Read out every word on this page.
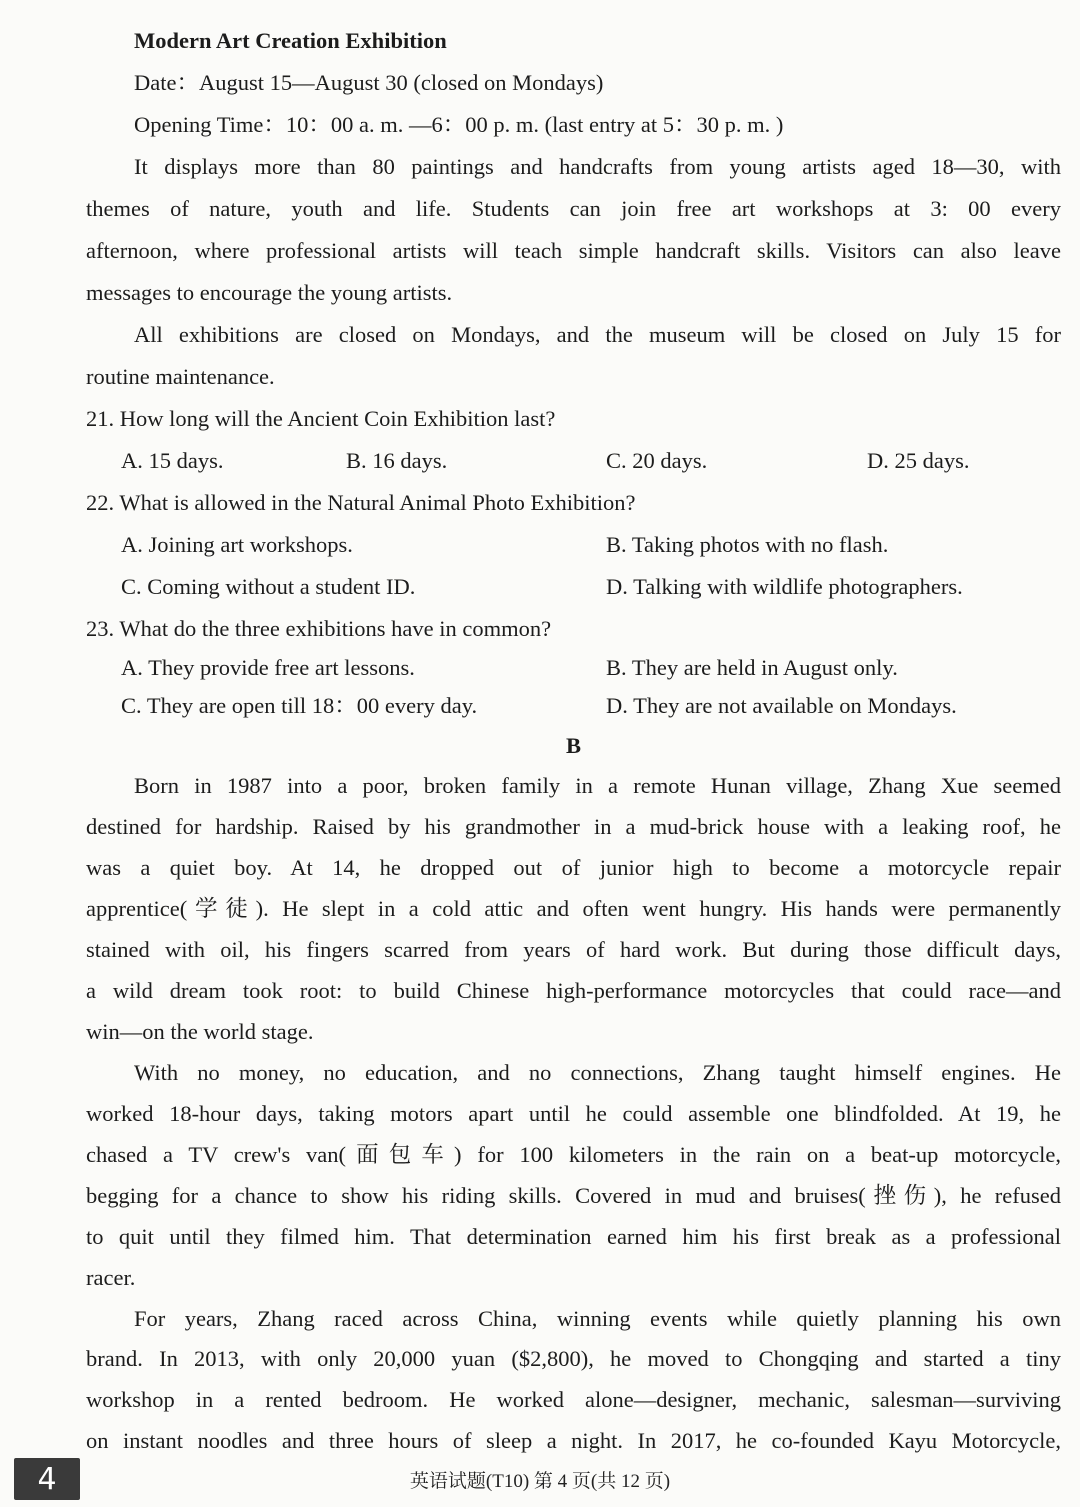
Modern Art Creation Exhibition
Date：August 15—August 30 (closed on Mondays)
Opening Time：10：00 a. m. —6：00 p. m. (last entry at 5：30 p. m. )
It displays more than 80 paintings and handcrafts from young artists aged 18—30, with
themes of nature, youth and life. Students can join free art workshops at 3: 00 every
afternoon, where professional artists will teach simple handcraft skills. Visitors can also leave
messages to encourage the young artists.
All exhibitions are closed on Mondays, and the museum will be closed on July 15 for
routine maintenance.
21. How long will the Ancient Coin Exhibition last?
A. 15 days.	B. 16 days.	C. 20 days.	D. 25 days.
22. What is allowed in the Natural Animal Photo Exhibition?
A. Joining art workshops.	B. Taking photos with no flash.
C. Coming without a student ID.	D. Talking with wildlife photographers.
23. What do the three exhibitions have in common?
A. They provide free art lessons.	B. They are held in August only.
C. They are open till 18：00 every day.	D. They are not available on Mondays.
B
Born in 1987 into a poor, broken family in a remote Hunan village, Zhang Xue seemed
destined for hardship. Raised by his grandmother in a mud-brick house with a leaking roof, he
was a quiet boy. At 14, he dropped out of junior high to become a motorcycle repair
apprentice(学徒). He slept in a cold attic and often went hungry. His hands were permanently
stained with oil, his fingers scarred from years of hard work. But during those difficult days,
a wild dream took root: to build Chinese high-performance motorcycles that could race—and
win—on the world stage.
With no money, no education, and no connections, Zhang taught himself engines. He
worked 18-hour days, taking motors apart until he could assemble one blindfolded. At 19, he
chased a TV crew's van(面包车) for 100 kilometers in the rain on a beat-up motorcycle,
begging for a chance to show his riding skills. Covered in mud and bruises(挫伤), he refused
to quit until they filmed him. That determination earned him his first break as a professional
racer.
For years, Zhang raced across China, winning events while quietly planning his own
brand. In 2013, with only 20,000 yuan ($2,800), he moved to Chongqing and started a tiny
workshop in a rented bedroom. He worked alone—designer, mechanic, salesman—surviving
on instant noodles and three hours of sleep a night. In 2017, he co-founded Kayu Motorcycle,
4	英语试题(T10) 第 4 页(共 12 页)
